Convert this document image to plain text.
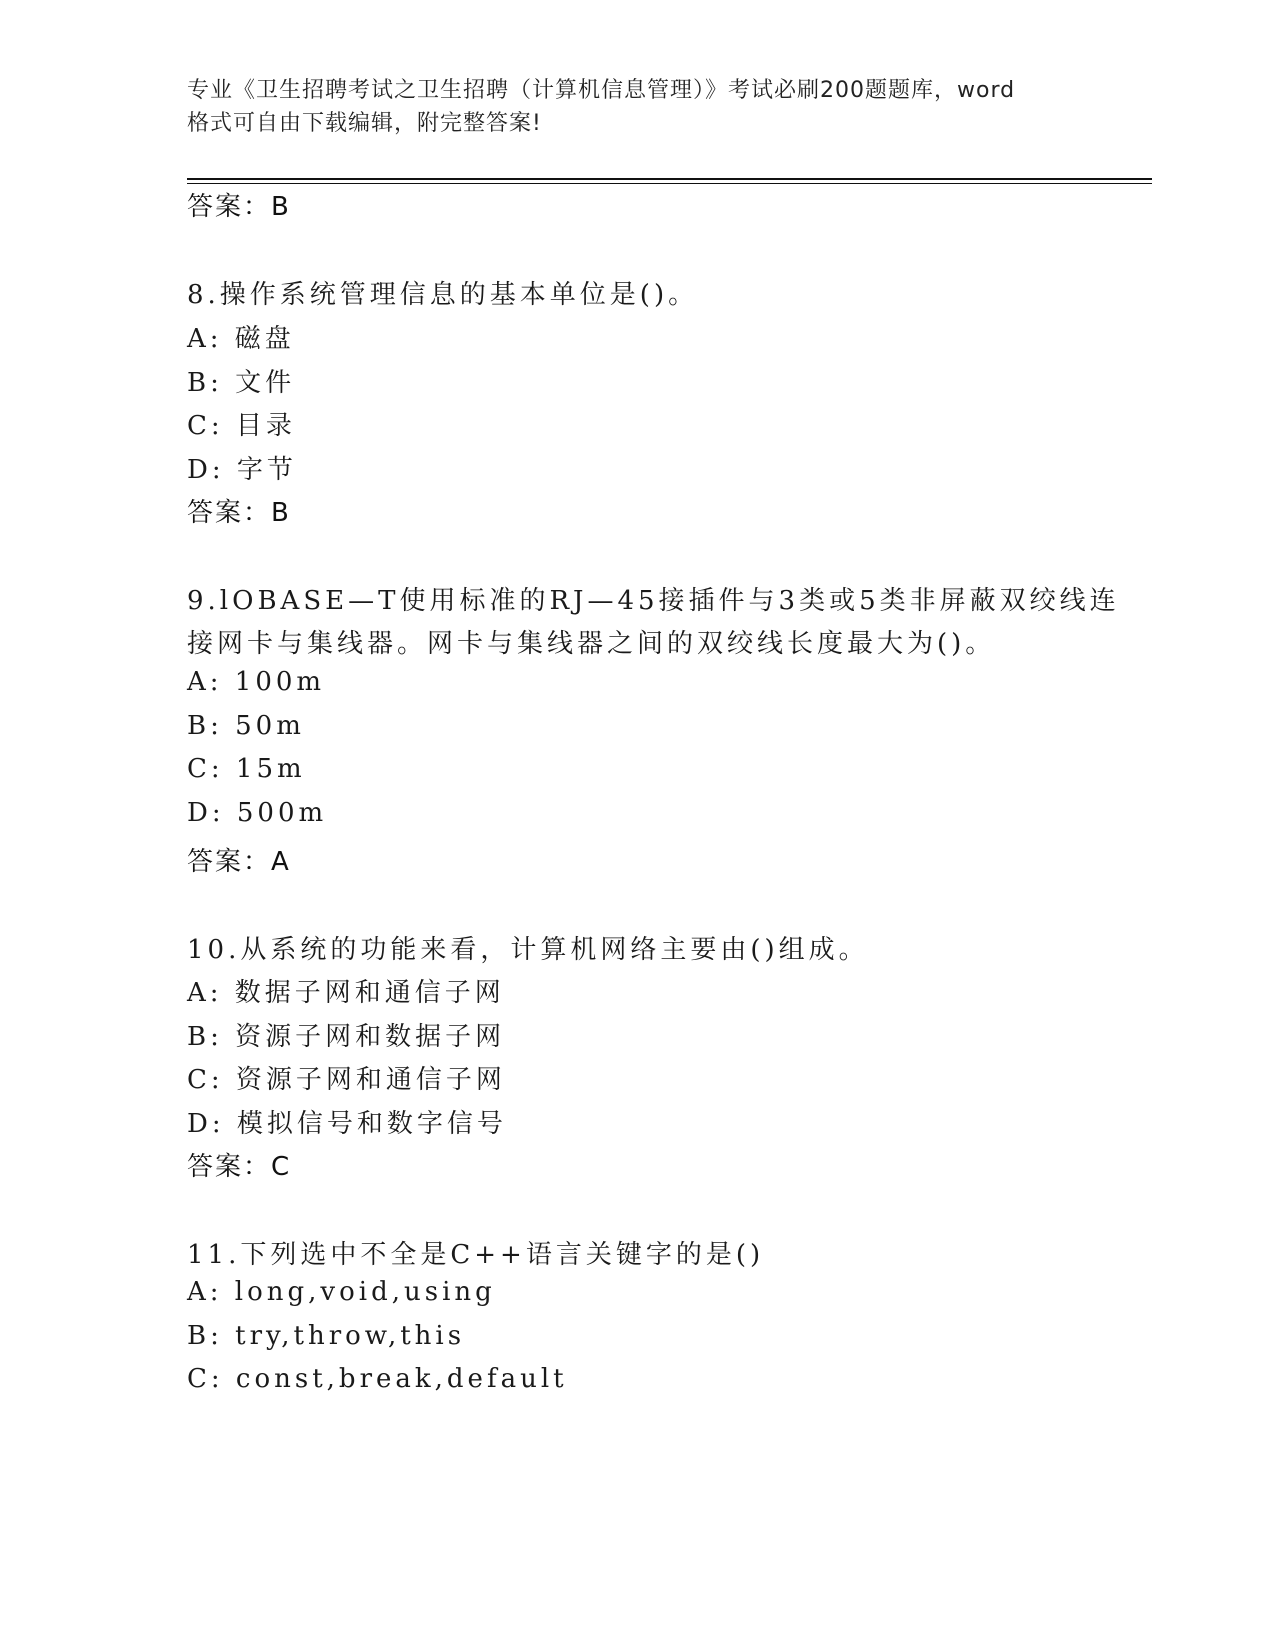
专业《卫生招聘考试之卫生招聘（计算机信息管理）》考试必刷200题题库，word
格式可自由下载编辑，附完整答案!
答案：B
8.操作系统管理信息的基本单位是()。
A: 磁盘
B: 文件
C: 目录
D: 字节
答案：B
9.lOBASE—T使用标准的RJ—45接插件与3类或5类非屏蔽双绞线连
接网卡与集线器。网卡与集线器之间的双绞线长度最大为()。
A: 100m
B: 50m
C: 15m
D: 500m
答案：A
10.从系统的功能来看，计算机网络主要由()组成。
A: 数据子网和通信子网
B: 资源子网和数据子网
C: 资源子网和通信子网
D: 模拟信号和数字信号
答案：C
11.下列选中不全是C++语言关键字的是()
A: long,void,using
B: try,throw,this
C: const,break,default
